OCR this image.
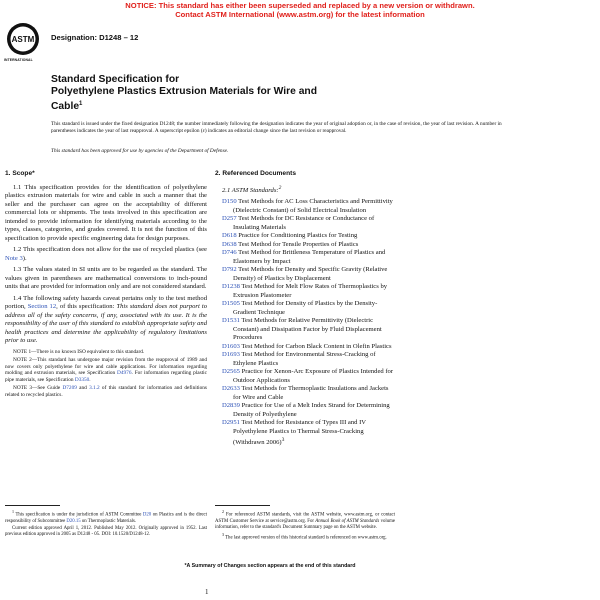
NOTICE: This standard has either been superseded and replaced by a new version or withdrawn.
Contact ASTM International (www.astm.org) for the latest information
ASTM
INTERNATIONAL
Designation: D1248 – 12
Standard Specification for
Polyethylene Plastics Extrusion Materials for Wire and
Cable$^1$
This standard is issued under the fixed designation D1248; the number immediately following the designation indicates the year of original adoption or, in the case of revision, the year of last revision. A number in parentheses indicates the year of last reapproval. A superscript epsilon (ε) indicates an editorial change since the last revision or reapproval.
This standard has been approved for use by agencies of the Department of Defense.
1. Scope*

1.1 This specification provides for the identification of polyethylene plastics extrusion materials for wire and cable in such a manner that the seller and the purchaser can agree on the acceptability of different commercial lots or shipments. The tests involved in this specification are intended to provide information for identifying materials according to the types, classes, categories, and grades covered. It is not the function of this specification to provide specific engineering data for design purposes.

1.2 This specification does not allow for the use of recycled plastics (see Note 3).

1.3 The values stated in SI units are to be regarded as the standard. The values given in parentheses are mathematical conversions to inch-pound units that are provided for information only and are not considered standard.

1.4 The following safety hazards caveat pertains only to the test method portion, Section 12, of this specification: This standard does not purport to address all of the safety concerns, if any, associated with its use. It is the responsibility of the user of this standard to establish appropriate safety and health practices and determine the applicability of regulatory limitations prior to use.

NOTE 1—There is no known ISO equivalent to this standard.

NOTE 2—This standard has undergone major revision from the reapproval of 1989 and now covers only polyethylene for wire and cable applications. For information regarding molding and extrusion materials, see Specification D4976. For information regarding plastic pipe materials, see Specification D3350.

NOTE 3—See Guide D7209 and 3.1.2 of this standard for information and definitions related to recycled plastics.

2. Referenced Documents
2.1 ASTM Standards:$^2$
D150 Test Methods for AC Loss Characteristics and Permittivity (Dielectric Constant) of Solid Electrical Insulation
D257 Test Methods for DC Resistance or Conductance of Insulating Materials
D618 Practice for Conditioning Plastics for Testing
D638 Test Method for Tensile Properties of Plastics
D746 Test Method for Brittleness Temperature of Plastics and Elastomers by Impact
D792 Test Methods for Density and Specific Gravity (Relative Density) of Plastics by Displacement
D1238 Test Method for Melt Flow Rates of Thermoplastics by Extrusion Plastometer
D1505 Test Method for Density of Plastics by the Density-Gradient Technique
D1531 Test Methods for Relative Permittivity (Dielectric Constant) and Dissipation Factor by Fluid Displacement Procedures
D1603 Test Method for Carbon Black Content in Olefin Plastics
D1693 Test Method for Environmental Stress-Cracking of Ethylene Plastics
D2565 Practice for Xenon-Arc Exposure of Plastics Intended for Outdoor Applications
D2633 Test Methods for Thermoplastic Insulations and Jackets for Wire and Cable
D2839 Practice for Use of a Melt Index Strand for Determining Density of Polyethylene
D2951 Test Method for Resistance of Types III and IV Polyethylene Plastics to Thermal Stress-Cracking (Withdrawn 2006)$^3$

$^1$ This specification is under the jurisdiction of ASTM Committee D20 on Plastics and is the direct responsibility of Subcommittee D20.15 on Thermoplastic Materials.

Current edition approved April 1, 2012. Published May 2012. Originally approved in 1952. Last previous edition approved in 2005 as D1248 - 05. DOI: 10.1520/D1248-12.

$^2$ For referenced ASTM standards, visit the ASTM website, www.astm.org, or contact ASTM Customer Service at service@astm.org. For Annual Book of ASTM Standards volume information, refer to the standard's Document Summary page on the ASTM website.

$^3$ The last approved version of this historical standard is referenced on www.astm.org.

*A Summary of Changes section appears at the end of this standard
1
